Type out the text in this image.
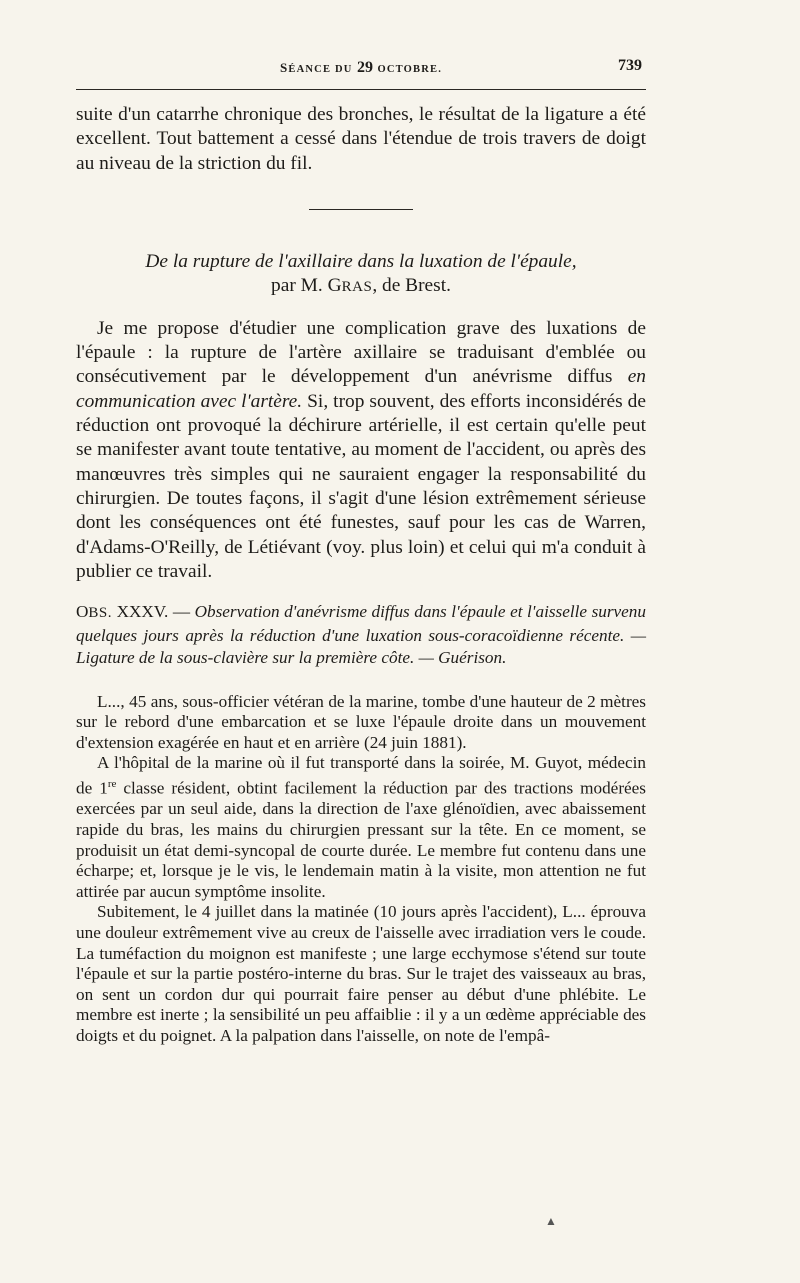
SÉANCE DU 29 OCTOBRE.	739

suite d'un catarrhe chronique des bronches, le résultat de la ligature a été excellent. Tout battement a cessé dans l'étendue de trois travers de doigt au niveau de la striction du fil.

De la rupture de l'axillaire dans la luxation de l'épaule,
par M. GRAS, de Brest.

Je me propose d'étudier une complication grave des luxations de l'épaule : la rupture de l'artère axillaire se traduisant d'emblée ou consécutivement par le développement d'un anévrisme diffus en communication avec l'artère. Si, trop souvent, des efforts inconsidérés de réduction ont provoqué la déchirure artérielle, il est certain qu'elle peut se manifester avant toute tentative, au moment de l'accident, ou après des manœuvres très simples qui ne sauraient engager la responsabilité du chirurgien. De toutes façons, il s'agit d'une lésion extrêmement sérieuse dont les conséquences ont été funestes, sauf pour les cas de Warren, d'Adams-O'Reilly, de Létiévant (voy. plus loin) et celui qui m'a conduit à publier ce travail.

OBS. XXXV. — Observation d'anévrisme diffus dans l'épaule et l'aisselle survenu quelques jours après la réduction d'une luxation sous-coracoïdienne récente. — Ligature de la sous-clavière sur la première côte. — Guérison.

L..., 45 ans, sous-officier vétéran de la marine, tombe d'une hauteur de 2 mètres sur le rebord d'une embarcation et se luxe l'épaule droite dans un mouvement d'extension exagérée en haut et en arrière (24 juin 1881).

A l'hôpital de la marine où il fut transporté dans la soirée, M. Guyot, médecin de 1re classe résident, obtint facilement la réduction par des tractions modérées exercées par un seul aide, dans la direction de l'axe glénoïdien, avec abaissement rapide du bras, les mains du chirurgien pressant sur la tête. En ce moment, se produisit un état demi-syncopal de courte durée. Le membre fut contenu dans une écharpe; et, lorsque je le vis, le lendemain matin à la visite, mon attention ne fut attirée par aucun symptôme insolite.

Subitement, le 4 juillet dans la matinée (10 jours après l'accident), L... éprouva une douleur extrêmement vive au creux de l'aisselle avec irradiation vers le coude. La tuméfaction du moignon est manifeste ; une large ecchymose s'étend sur toute l'épaule et sur la partie postéro-interne du bras. Sur le trajet des vaisseaux au bras, on sent un cordon dur qui pourrait faire penser au début d'une phlébite. Le membre est inerte ; la sensibilité un peu affaiblie : il y a un œdème appréciable des doigts et du poignet. A la palpation dans l'aisselle, on note de l'empâ-

▲
